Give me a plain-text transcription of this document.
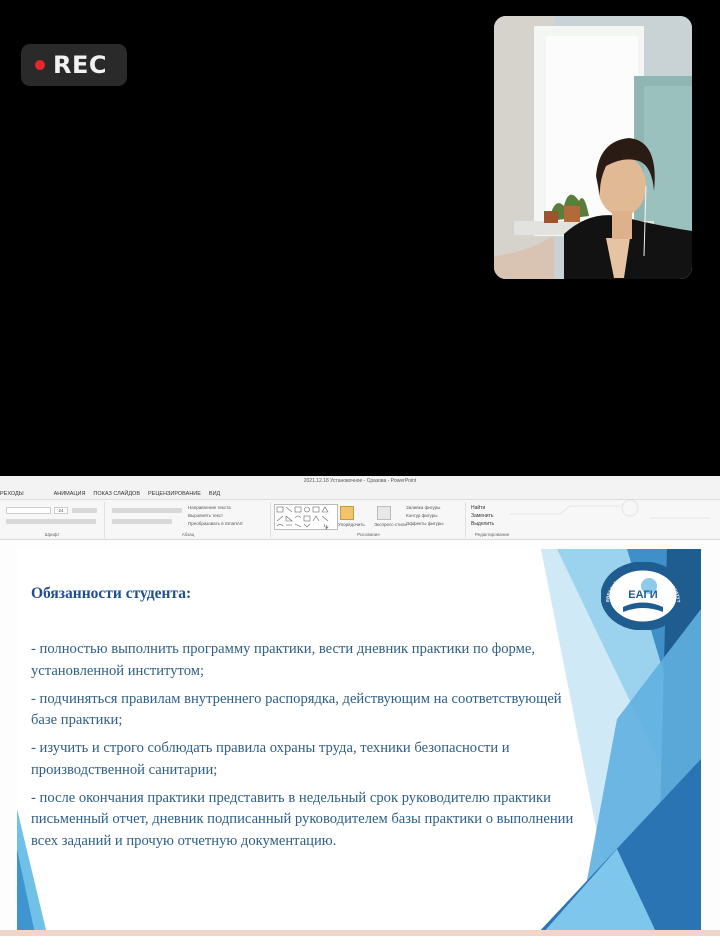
REC
2021.12.18 Установочное - Сразова - PowerPoint
РЕХОДЫ	АНИМАЦИЯ	ПОКАЗ СЛАЙДОВ	РЕЦЕНЗИРОВАНИЕ	ВИД
24
Шрифт
Направление текста
Выровнять текст
Преобразовать в SmartArt
Абзац
Упорядочить Экспресс-стили
Заливка фигуры
Контур фигуры
Эффекты фигуры
Рисование
Найти
Заменить
Выделить
Редактирование
ЕАГИ
ЕВРАЗИЙСКИЙ ГУМАНИТАРНЫЙ ИНСТИТУТ
Обязанности студента:

- полностью выполнить программу практики, вести дневник практики по форме, установленной институтом;

- подчиняться правилам внутреннего распорядка, действующим на соответствующей базе практики;

- изучить и строго соблюдать правила охраны труда, техники безопасности и производственной санитарии;

- после окончания практики представить в недельный срок руководителю практики письменный отчет, дневник подписанный руководителем базы практики о выполнении всех заданий и прочую отчетную документацию.
